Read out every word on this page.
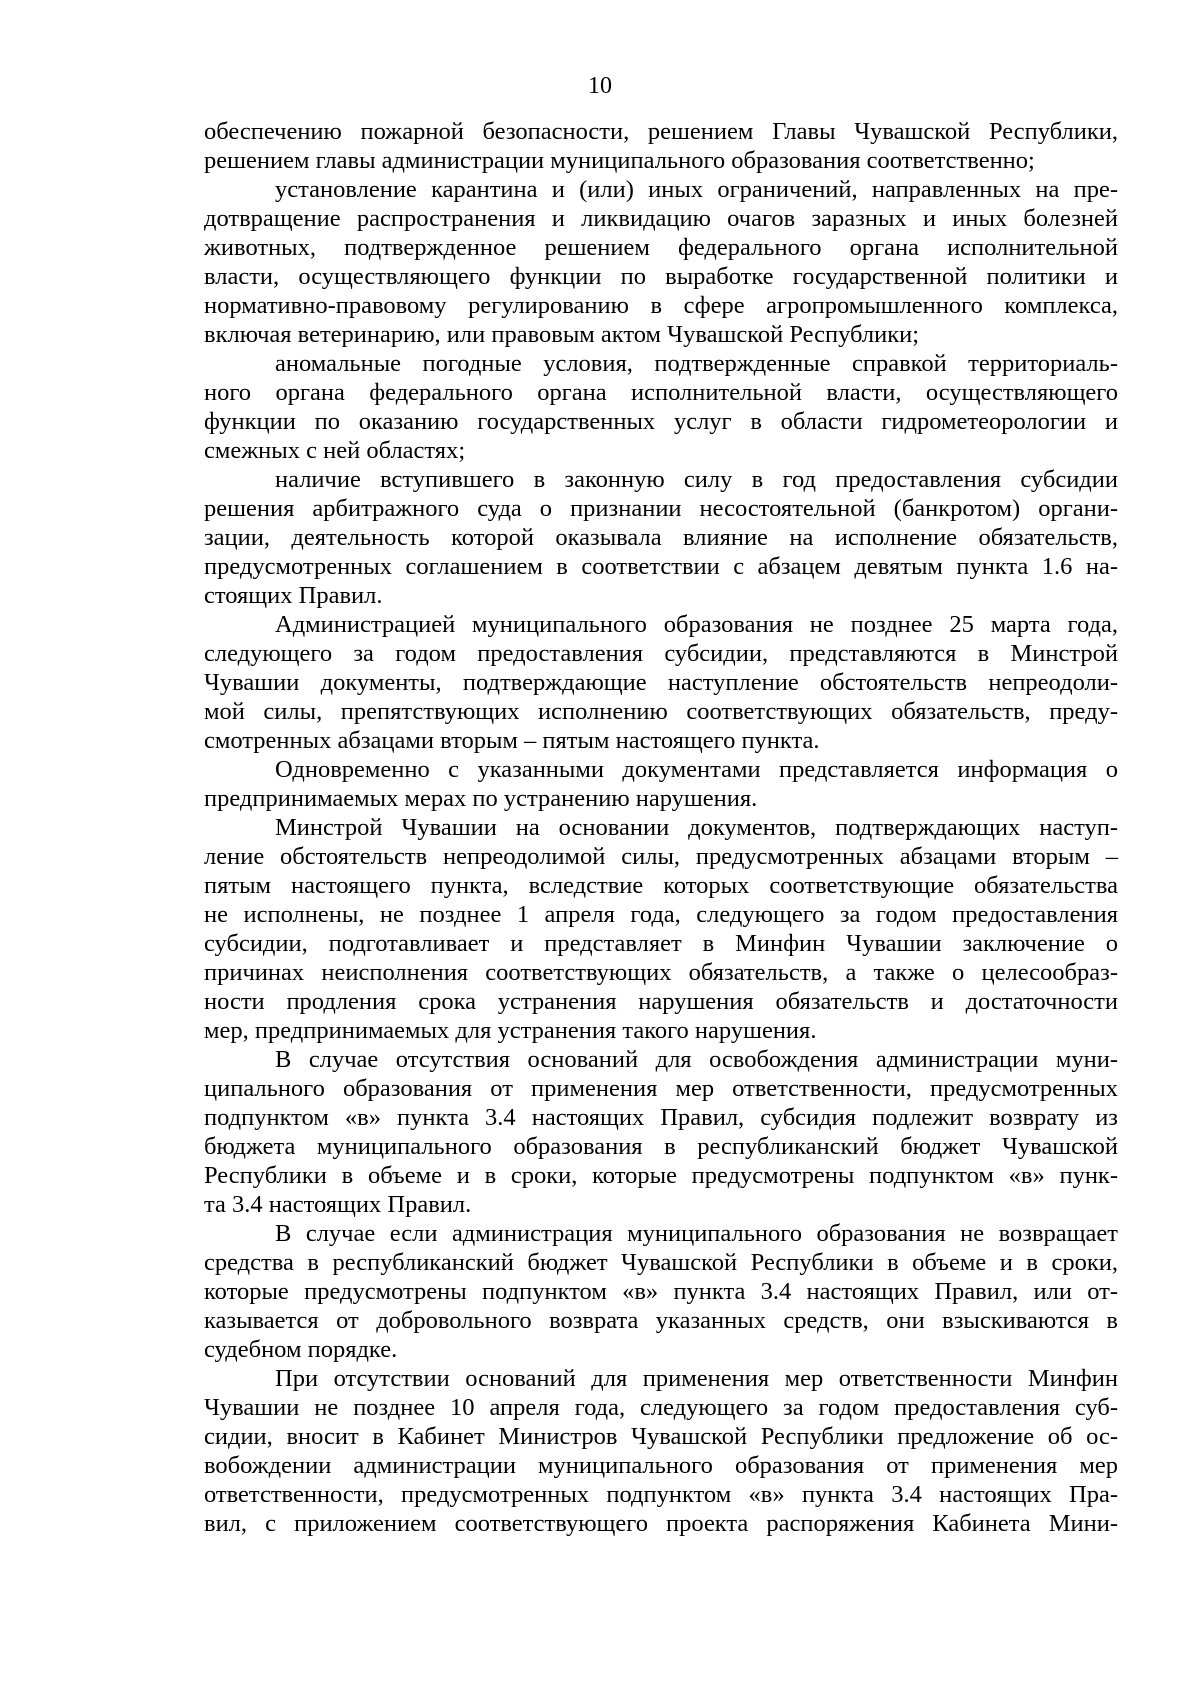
10
обеспечению пожарной безопасности, решением Главы Чувашской Республики,
решением главы администрации муниципального образования соответственно;
установление карантина и (или) иных ограничений, направленных на пре-
дотвращение распространения и ликвидацию очагов заразных и иных болезней
животных, подтвержденное решением федерального органа исполнительной
власти, осуществляющего функции по выработке государственной политики и
нормативно-правовому регулированию в сфере агропромышленного комплекса,
включая ветеринарию, или правовым актом Чувашской Республики;
аномальные погодные условия, подтвержденные справкой территориаль-
ного органа федерального органа исполнительной власти, осуществляющего
функции по оказанию государственных услуг в области гидрометеорологии и
смежных с ней областях;
наличие вступившего в законную силу в год предоставления субсидии
решения арбитражного суда о признании несостоятельной (банкротом) органи-
зации, деятельность которой оказывала влияние на исполнение обязательств,
предусмотренных соглашением в соответствии с абзацем девятым пункта 1.6 на-
стоящих Правил.
Администрацией муниципального образования не позднее 25 марта года,
следующего за годом предоставления субсидии, представляются в Минстрой
Чувашии документы, подтверждающие наступление обстоятельств непреодоли-
мой силы, препятствующих исполнению соответствующих обязательств, преду-
смотренных абзацами вторым – пятым настоящего пункта.
Одновременно с указанными документами представляется информация о
предпринимаемых мерах по устранению нарушения.
Минстрой Чувашии на основании документов, подтверждающих наступ-
ление обстоятельств непреодолимой силы, предусмотренных абзацами вторым –
пятым настоящего пункта, вследствие которых соответствующие обязательства
не исполнены, не позднее 1 апреля года, следующего за годом предоставления
субсидии, подготавливает и представляет в Минфин Чувашии заключение о
причинах неисполнения соответствующих обязательств, а также о целесообраз-
ности продления срока устранения нарушения обязательств и достаточности
мер, предпринимаемых для устранения такого нарушения.
В случае отсутствия оснований для освобождения администрации муни-
ципального образования от применения мер ответственности, предусмотренных
подпунктом «в» пункта 3.4 настоящих Правил, субсидия подлежит возврату из
бюджета муниципального образования в республиканский бюджет Чувашской
Республики в объеме и в сроки, которые предусмотрены подпунктом «в» пунк-
та 3.4 настоящих Правил.
В случае если администрация муниципального образования не возвращает
средства в республиканский бюджет Чувашской Республики в объеме и в сроки,
которые предусмотрены подпунктом «в» пункта 3.4 настоящих Правил, или от-
казывается от добровольного возврата указанных средств, они взыскиваются в
судебном порядке.
При отсутствии оснований для применения мер ответственности Минфин
Чувашии не позднее 10 апреля года, следующего за годом предоставления суб-
сидии, вносит в Кабинет Министров Чувашской Республики предложение об ос-
вобождении администрации муниципального образования от применения мер
ответственности, предусмотренных подпунктом «в» пункта 3.4 настоящих Пра-
вил, с приложением соответствующего проекта распоряжения Кабинета Мини-
